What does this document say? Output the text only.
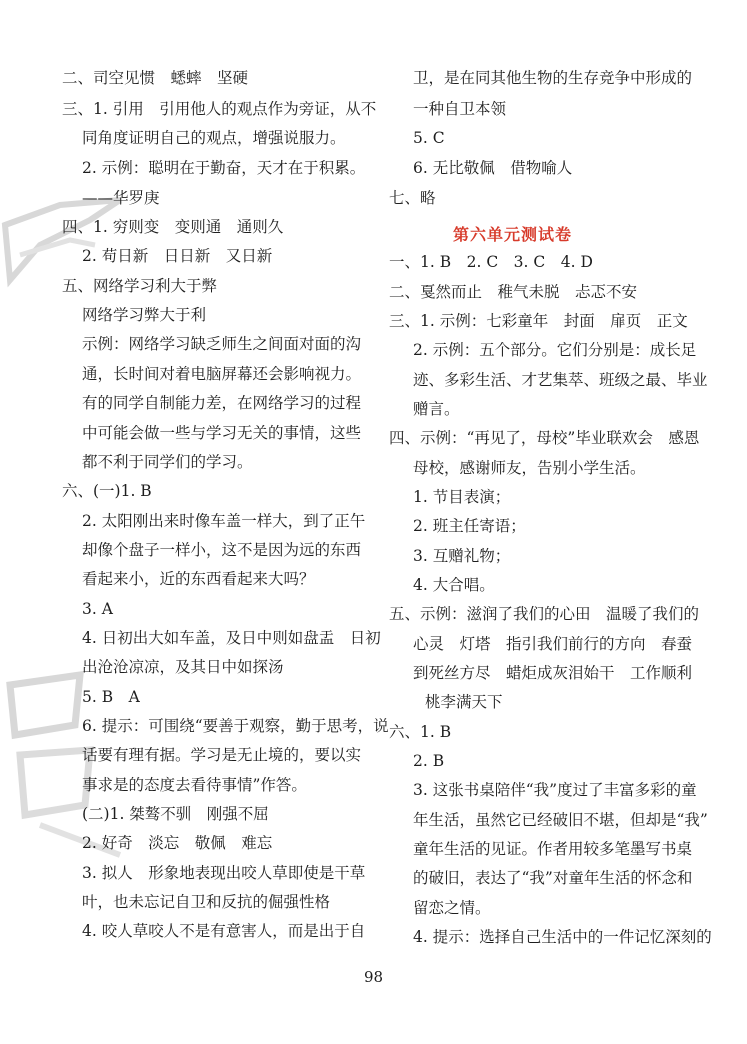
二、司空见惯　蟋蟀　坚硬
三、1. 引用　引用他人的观点作为旁证，从不
同角度证明自己的观点，增强说服力。
2. 示例：聪明在于勤奋，天才在于积累。
——华罗庚
四、1. 穷则变　变则通　通则久
2. 苟日新　日日新　又日新
五、网络学习利大于弊
网络学习弊大于利
示例：网络学习缺乏师生之间面对面的沟
通，长时间对着电脑屏幕还会影响视力。
有的同学自制能力差，在网络学习的过程
中可能会做一些与学习无关的事情，这些
都不利于同学们的学习。
六、(一)1. B
2. 太阳刚出来时像车盖一样大，到了正午
却像个盘子一样小，这不是因为远的东西
看起来小，近的东西看起来大吗？
3. A
4. 日初出大如车盖，及日中则如盘盂　日初
出沧沧凉凉，及其日中如探汤
5. B　A
6. 提示：可围绕“要善于观察，勤于思考，说
话要有理有据。学习是无止境的，要以实
事求是的态度去看待事情”作答。
(二)1. 桀骜不驯　刚强不屈
2. 好奇　淡忘　敬佩　难忘
3. 拟人　形象地表现出咬人草即使是干草
叶，也未忘记自卫和反抗的倔强性格
4. 咬人草咬人不是有意害人，而是出于自
卫，是在同其他生物的生存竞争中形成的
一种自卫本领
5. C
6. 无比敬佩　借物喻人
七、略
一、1. B　2. C　3. C　4. D
二、戛然而止　稚气未脱　忐忑不安
三、1. 示例：七彩童年　封面　扉页　正文
2. 示例：五个部分。它们分别是：成长足
迹、多彩生活、才艺集萃、班级之最、毕业
赠言。
四、示例：“再见了，母校”毕业联欢会　感恩
母校，感谢师友，告别小学生活。
1. 节目表演；
2. 班主任寄语；
3. 互赠礼物；
4. 大合唱。
五、示例：滋润了我们的心田　温暖了我们的
心灵　灯塔　指引我们前行的方向　春蚕
到死丝方尽　蜡炬成灰泪始干　工作顺利
桃李满天下
六、1. B
2. B
3. 这张书桌陪伴“我”度过了丰富多彩的童
年生活，虽然它已经破旧不堪，但却是“我”
童年生活的见证。作者用较多笔墨写书桌
的破旧，表达了“我”对童年生活的怀念和
留恋之情。
4. 提示：选择自己生活中的一件记忆深刻的
第六单元测试卷
98
